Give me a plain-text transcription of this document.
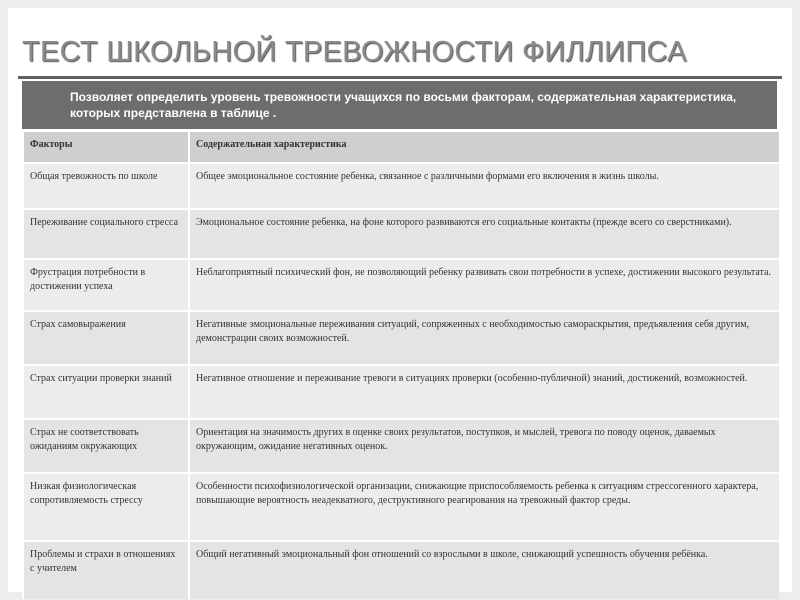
ТЕСТ ШКОЛЬНОЙ ТРЕВОЖНОСТИ ФИЛЛИПСА
Позволяет определить уровень тревожности учащихся по восьми факторам, содержательная характеристика, которых представлена в таблице .
Факторы	Содержательная характеристика
Общая тревожность по школе	Общее эмоциональное состояние ребенка, связанное с различными формами его включения в жизнь школы.
Переживание социального стресса	Эмоциональное состояние ребенка, на фоне которого развиваются его социальные контакты (прежде всего со сверстниками).
Фрустрация потребности в достижении успеха	Неблагоприятный психический фон, не позволяющий ребенку развивать свои потребности в успехе, достижении высокого результата.
Страх самовыражения	Негативные эмоциональные переживания ситуаций, сопряженных с необходимостью самораскрытия, предъявления себя другим, демонстрации своих возможностей.
Страх ситуации проверки знаний	Негативное отношение и переживание тревоги в ситуациях проверки (особенно-публичной) знаний, достижений, возможностей.
Страх не соответствовать ожиданиям окружающих	Ориентация на значимость других в оценке своих результатов, поступков, и мыслей, тревога по поводу оценок, даваемых окружающим, ожидание негативных оценок.
Низкая физиологическая сопротивляемость стрессу	Особенности психофизиологической организации, снижающие приспособляемость ребенка к ситуациям стрессогенного характера, повышающие вероятность неадекватного, деструктивного реагирования на тревожный фактор среды.
Проблемы и страхи в отношениях с учителем	Общий негативный эмоциональный фон отношений со взрослыми в школе, снижающий успешность обучения ребёнка.
